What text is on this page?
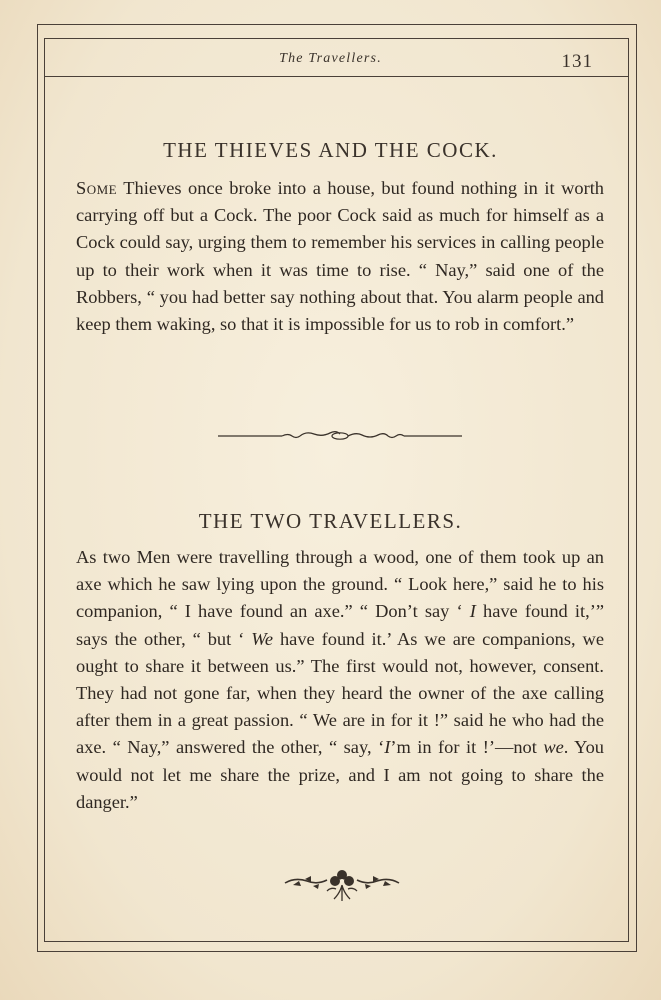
The Travellers.	131
THE THIEVES AND THE COCK.

Some Thieves once broke into a house, but found nothing in it worth carrying off but a Cock. The poor Cock said as much for himself as a Cock could say, urging them to remember his services in calling people up to their work when it was time to rise. “ Nay,” said one of the Robbers, “ you had better say nothing about that. You alarm people and keep them waking, so that it is impossible for us to rob in comfort.”

THE TWO TRAVELLERS.

As two Men were travelling through a wood, one of them took up an axe which he saw lying upon the ground. “ Look here,” said he to his companion, “ I have found an axe.” “ Don’t say ‘ I have found it,’” says the other, “ but ‘ We have found it.’ As we are companions, we ought to share it between us.” The first would not, however, consent. They had not gone far, when they heard the owner of the axe calling after them in a great passion. “ We are in for it !” said he who had the axe. “ Nay,” answered the other, “ say, ‘I’m in for it !’—not we. You would not let me share the prize, and I am not going to share the danger.”
